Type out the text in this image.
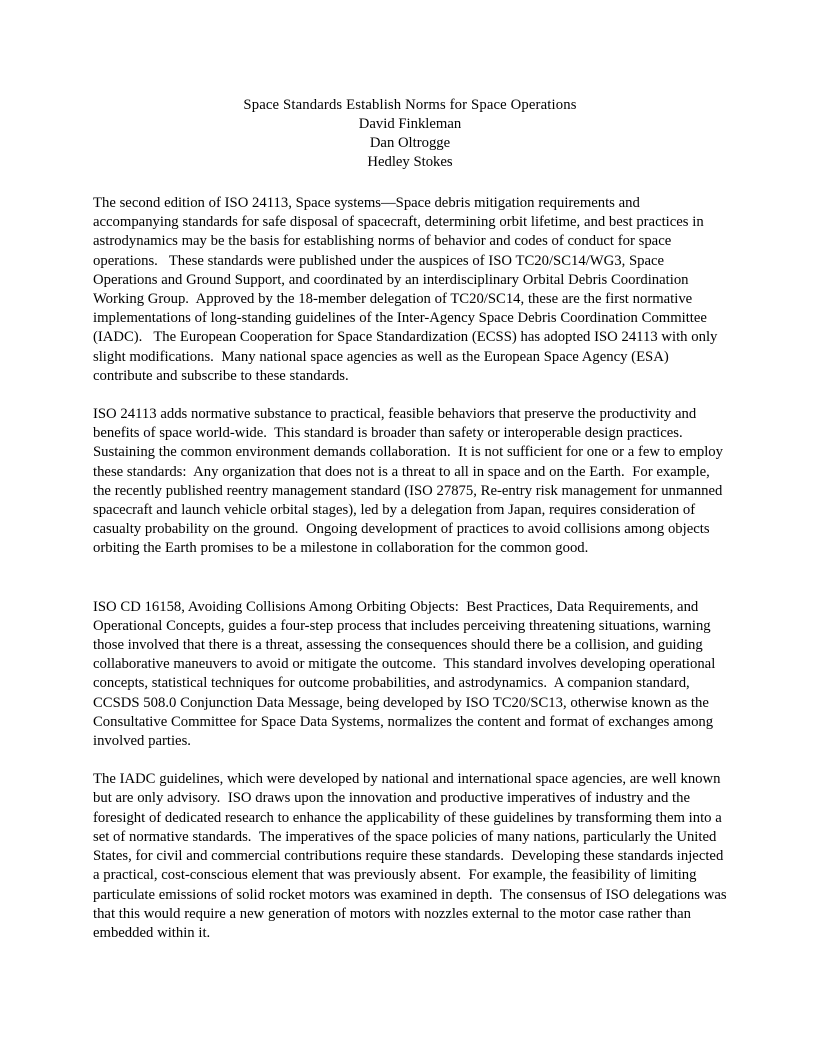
Space Standards Establish Norms for Space Operations
David Finkleman
Dan Oltrogge
Hedley Stokes

The second edition of ISO 24113, Space systems—Space debris mitigation requirements and accompanying standards for safe disposal of spacecraft, determining orbit lifetime, and best practices in astrodynamics may be the basis for establishing norms of behavior and codes of conduct for space operations.   These standards were published under the auspices of ISO TC20/SC14/WG3, Space Operations and Ground Support, and coordinated by an interdisciplinary Orbital Debris Coordination Working Group.  Approved by the 18-member delegation of TC20/SC14, these are the first normative implementations of long-standing guidelines of the Inter-Agency Space Debris Coordination Committee  (IADC).   The European Cooperation for Space Standardization (ECSS) has adopted ISO 24113 with only slight modifications.  Many national space agencies as well as the European Space Agency (ESA) contribute and subscribe to these standards.

ISO 24113 adds normative substance to practical, feasible behaviors that preserve the productivity and benefits of space world-wide.  This standard is broader than safety or interoperable design practices.  Sustaining the common environment demands collaboration.  It is not sufficient for one or a few to employ these standards:  Any organization that does not is a threat to all in space and on the Earth.  For example, the recently published reentry management standard (ISO 27875, Re-entry risk management for unmanned spacecraft and launch vehicle orbital stages), led by a delegation from Japan, requires consideration of casualty probability on the ground.  Ongoing development of practices to avoid collisions among objects orbiting the Earth promises to be a milestone in collaboration for the common good.

ISO CD 16158, Avoiding Collisions Among Orbiting Objects:  Best Practices, Data Requirements, and Operational Concepts, guides a four-step process that includes perceiving threatening situations, warning those involved that there is a threat, assessing the consequences should there be a collision, and guiding collaborative maneuvers to avoid or mitigate the outcome.  This standard involves developing operational concepts, statistical techniques for outcome probabilities, and astrodynamics.  A companion standard, CCSDS 508.0 Conjunction Data Message, being developed by ISO TC20/SC13, otherwise known as the Consultative Committee for Space Data Systems, normalizes the content and format of exchanges among involved parties.

The IADC guidelines, which were developed by national and international space agencies, are well known but are only advisory.  ISO draws upon the innovation and productive imperatives of industry and the foresight of dedicated research to enhance the applicability of these guidelines by transforming them into a set of normative standards.  The imperatives of the space policies of many nations, particularly the United States, for civil and commercial contributions require these standards.  Developing these standards injected a practical, cost-conscious element that was previously absent.  For example, the feasibility of limiting particulate emissions of solid rocket motors was examined in depth.  The consensus of ISO delegations was that this would require a new generation of motors with nozzles external to the motor case rather than embedded within it.
